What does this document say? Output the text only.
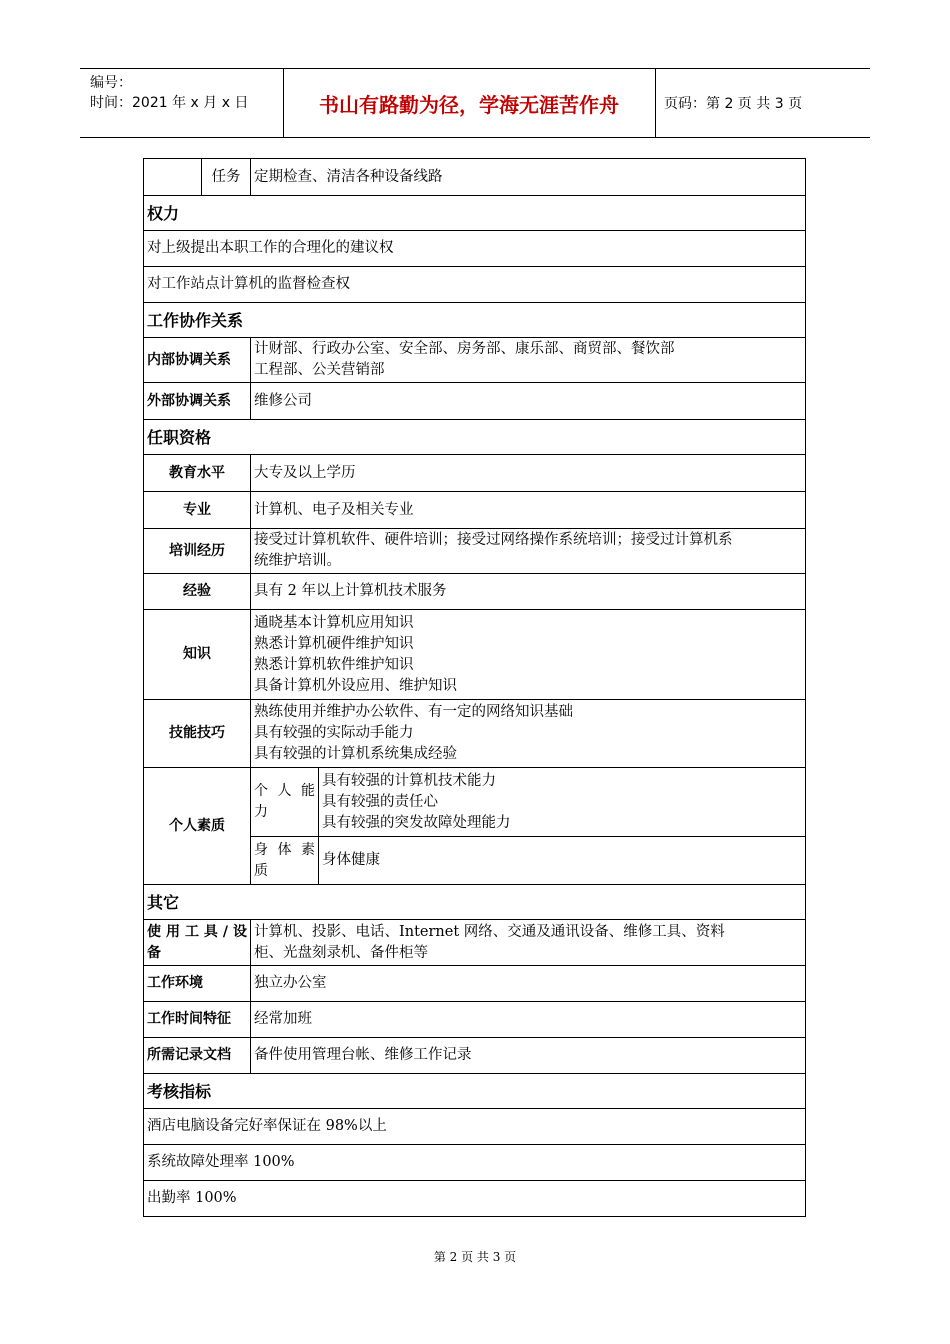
编号：
时间：2021 年 x 月 x 日	书山有路勤为径，学海无涯苦作舟	页码：第 2 页 共 3 页
	任务	定期检查、清洁各种设备线路	
权力			
对上级提出本职工作的合理化的建议权			
对工作站点计算机的监督检查权			
工作协作关系			
内部协调关系		计财部、行政办公室、安全部、房务部、康乐部、商贸部、餐饮部
工程部、公关营销部	

外部协调关系		维修公司	
任职资格			
教育水平		大专及以上学历	
专业		计算机、电子及相关专业	
培训经历		接受过计算机软件、硬件培训；接受过网络操作系统培训；接受过计算机系
统维护培训。	

经验		具有 2 年以上计算机技术服务	
知识		通晓基本计算机应用知识
熟悉计算机硬件维护知识
熟悉计算机软件维护知识
具备计算机外设应用、维护知识	

技能技巧		熟练使用并维护办公软件、有一定的网络知识基础
具有较强的实际动手能力
具有较强的计算机系统集成经验	

个人素质		个 人 能
力	具有较强的计算机技术能力
具有较强的责任心
具有较强的突发故障处理能力

		身 体 素
质	身体健康
其它			

使用工具/设
备		计算机、投影、电话、Internet 网络、交通及通讯设备、维修工具、资料
柜、光盘刻录机、备件柜等	

工作环境		独立办公室	
工作时间特征		经常加班	
所需记录文档		备件使用管理台帐、维修工作记录	
考核指标			
酒店电脑设备完好率保证在 98%以上			
系统故障处理率 100%			
出勤率 100%			
第 2 页 共 3 页
